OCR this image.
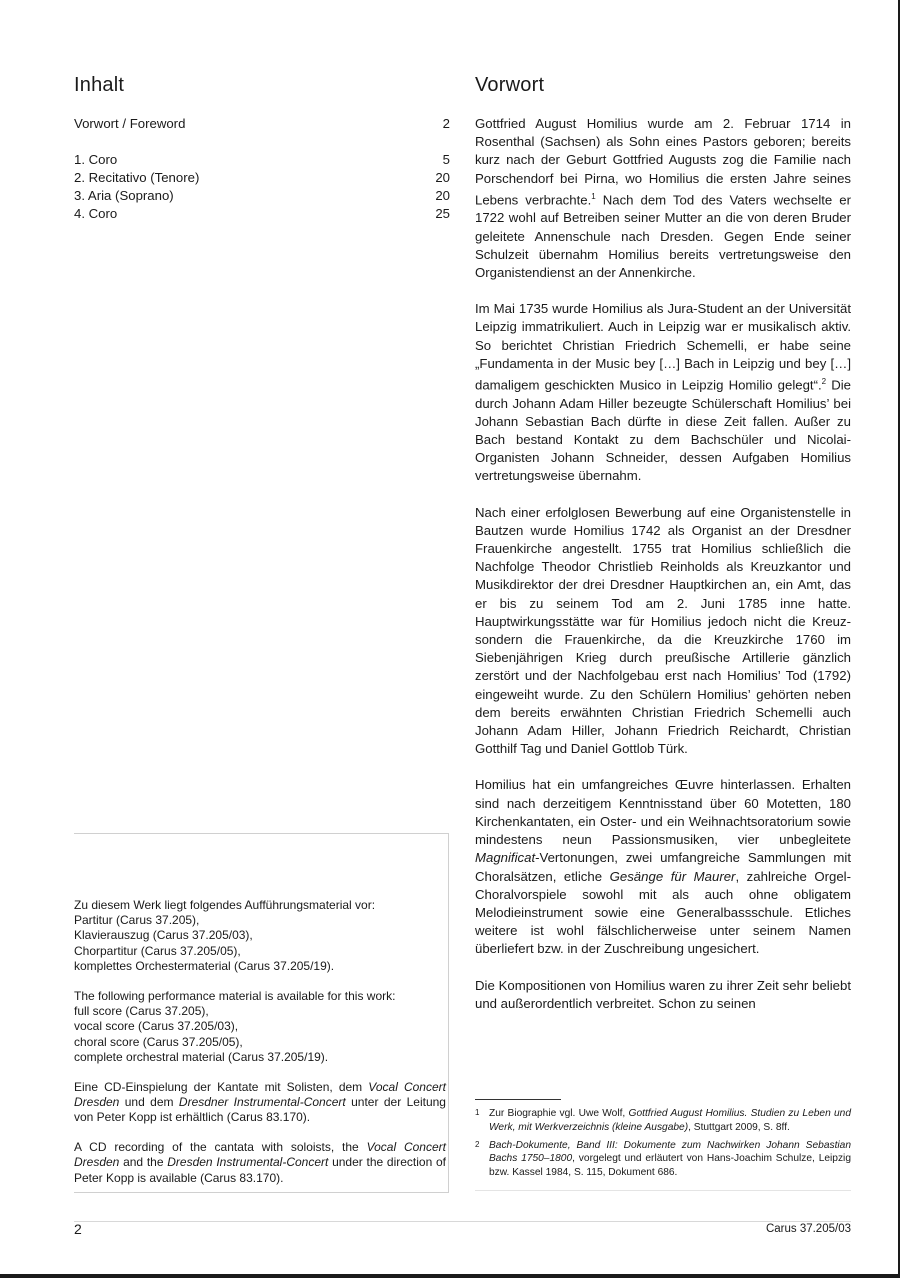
Inhalt
Vorwort / Foreword	2
1. Coro	5
2. Recitativo (Tenore)	20
3. Aria (Soprano)	20
4. Coro	25
Zu diesem Werk liegt folgendes Aufführungsmaterial vor:
Partitur (Carus 37.205),
Klavierauszug (Carus 37.205/03),
Chorpartitur (Carus 37.205/05),
komplettes Orchestermaterial (Carus 37.205/19).
The following performance material is available for this work:
full score (Carus 37.205),
vocal score (Carus 37.205/03),
choral score (Carus 37.205/05),
complete orchestral material (Carus 37.205/19).
Eine CD-Einspielung der Kantate mit Solisten, dem Vocal Concert Dresden und dem Dresdner Instrumental-Concert unter der Leitung von Peter Kopp ist erhältlich (Carus 83.170).
A CD recording of the cantata with soloists, the Vocal Concert Dresden and the Dresden Instrumental-Concert under the direction of Peter Kopp is available (Carus 83.170).
Vorwort

Gottfried August Homilius wurde am 2. Februar 1714 in Rosenthal (Sachsen) als Sohn eines Pastors geboren; bereits kurz nach der Geburt Gottfried Augusts zog die Familie nach Porschendorf bei Pirna, wo Homilius die ersten Jahre seines Lebens verbrachte.$^1$ Nach dem Tod des Vaters wechselte er 1722 wohl auf Betreiben seiner Mutter an die von deren Bruder geleitete Annenschule nach Dresden. Gegen Ende seiner Schulzeit übernahm Homilius bereits vertretungsweise den Organistendienst an der Annenkirche.

Im Mai 1735 wurde Homilius als Jura-Student an der Universität Leipzig immatrikuliert. Auch in Leipzig war er musikalisch aktiv. So berichtet Christian Friedrich Schemelli, er habe seine „Fundamenta in der Music bey […] Bach in Leipzig und bey […] damaligem geschickten Musico in Leipzig Homilio gelegt“.$^2$ Die durch Johann Adam Hiller bezeugte Schülerschaft Homilius’ bei Johann Sebastian Bach dürfte in diese Zeit fallen. Außer zu Bach bestand Kontakt zu dem Bachschüler und Nicolai-Organisten Johann Schneider, dessen Aufgaben Homilius vertretungsweise übernahm.

Nach einer erfolglosen Bewerbung auf eine Organistenstelle in Bautzen wurde Homilius 1742 als Organist an der Dresdner Frauenkirche angestellt. 1755 trat Homilius schließlich die Nachfolge Theodor Christlieb Reinholds als Kreuzkantor und Musikdirektor der drei Dresdner Hauptkirchen an, ein Amt, das er bis zu seinem Tod am 2. Juni 1785 inne hatte. Hauptwirkungsstätte war für Homilius jedoch nicht die Kreuz- sondern die Frauenkirche, da die Kreuzkirche 1760 im Siebenjährigen Krieg durch preußische Artillerie gänzlich zerstört und der Nachfolgebau erst nach Homilius’ Tod (1792) eingeweiht wurde. Zu den Schülern Homilius’ gehörten neben dem bereits erwähnten Christian Friedrich Schemelli auch Johann Adam Hiller, Johann Friedrich Reichardt, Christian Gotthilf Tag und Daniel Gottlob Türk.

Homilius hat ein umfangreiches Œuvre hinterlassen. Erhalten sind nach derzeitigem Kenntnisstand über 60 Motetten, 180 Kirchenkantaten, ein Oster- und ein Weihnachtsoratorium sowie mindestens neun Passionsmusiken, vier unbegleitete Magnificat-Vertonungen, zwei umfangreiche Sammlungen mit Choralsätzen, etliche Gesänge für Maurer, zahlreiche Orgel-Choralvorspiele sowohl mit als auch ohne obligatem Melodieinstrument sowie eine Generalbassschule. Etliches weitere ist wohl fälschlicherweise unter seinem Namen überliefert bzw. in der Zuschreibung ungesichert.

Die Kompositionen von Homilius waren zu ihrer Zeit sehr beliebt und außerordentlich verbreitet. Schon zu seinen

1 Zur Biographie vgl. Uwe Wolf, Gottfried August Homilius. Studien zu Leben und Werk, mit Werkverzeichnis (kleine Ausgabe), Stuttgart 2009, S. 8ff.
2 Bach-Dokumente, Band III: Dokumente zum Nachwirken Johann Sebastian Bachs 1750–1800, vorgelegt und erläutert von Hans-Joachim Schulze, Leipzig bzw. Kassel 1984, S. 115, Dokument 686.
2	Carus 37.205/03
